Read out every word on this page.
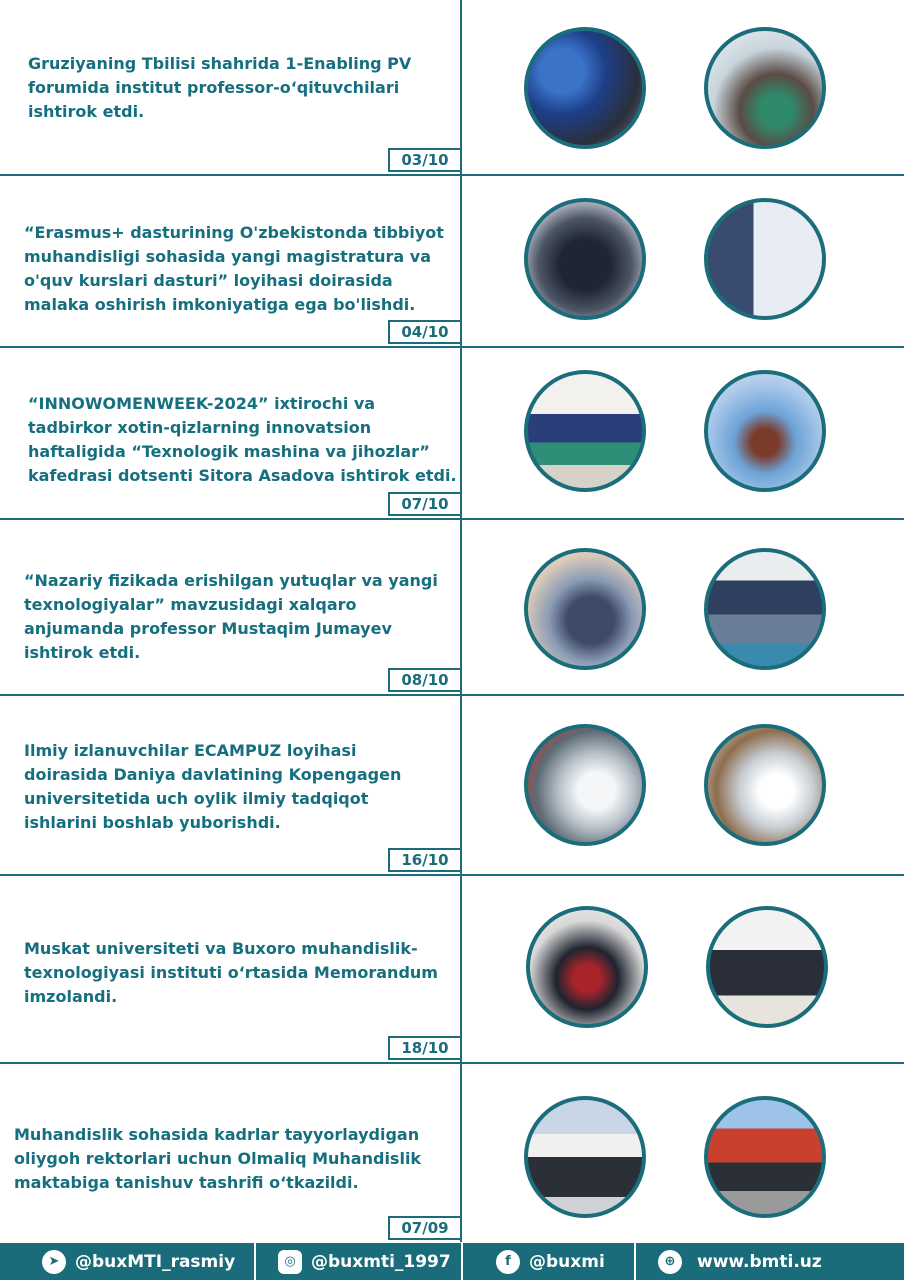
Gruziyaning Tbilisi shahrida 1-Enabling PV forumida institut professor-o‘qituvchilari ishtirok etdi.
03/10
“Erasmus+ dasturining O'zbekistonda tibbiyot muhandisligi sohasida yangi magistratura va o'quv kurslari dasturi” loyihasi doirasida malaka oshirish imkoniyatiga ega bo'lishdi.
04/10
“INNOWOMENWEEK-2024” ixtirochi va tadbirkor xotin-qizlarning innovatsion haftaligida “Texnologik mashina va jihozlar” kafedrasi dotsenti Sitora Asadova ishtirok etdi.
07/10
“Nazariy fizikada erishilgan yutuqlar va yangi texnologiyalar” mavzusidagi xalqaro anjumanda professor Mustaqim Jumayev ishtirok etdi.
08/10
Ilmiy izlanuvchilar ECAMPUZ loyihasi doirasida Daniya davlatining Kopengagen universitetida uch oylik ilmiy tadqiqot ishlarini boshlab yuborishdi.
16/10
Muskat universiteti va Buxoro muhandislik-texnologiyasi instituti o‘rtasida Memorandum imzolandi.
18/10
Muhandislik sohasida kadrlar tayyorlaydigan oliygoh rektorlari uchun Olmaliq Muhandislik maktabiga tanishuv tashrifi o‘tkazildi.
07/09
➤ @buxMTI_rasmiy	◎ @buxmti_1997	f	@buxmi	⊕	www.bmti.uz
